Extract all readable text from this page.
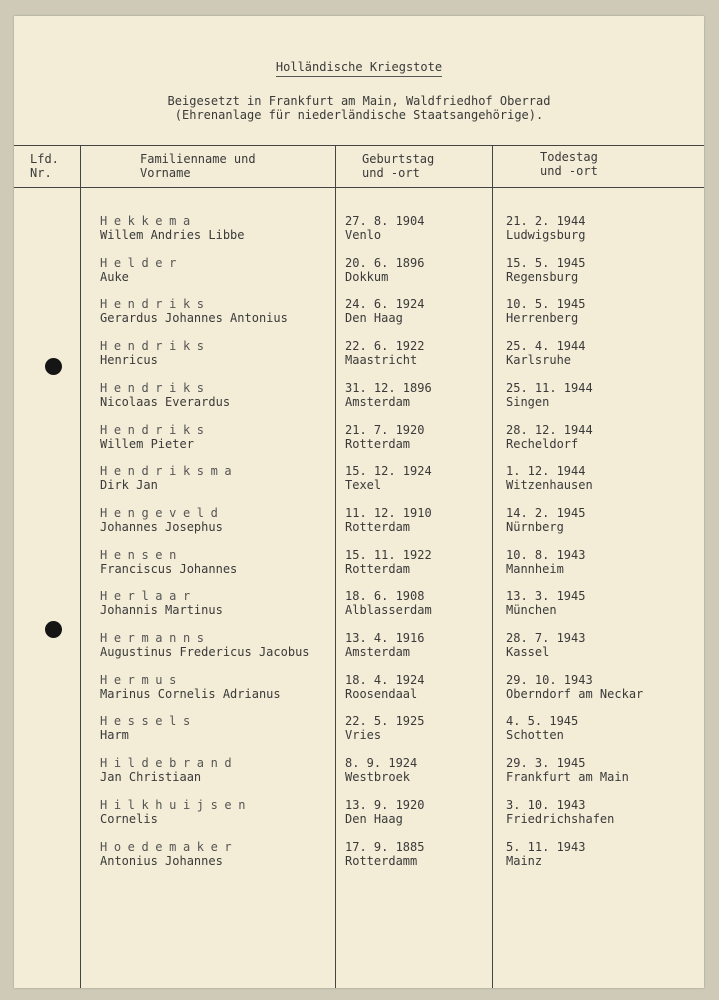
Holländische Kriegstote
Beigesetzt in Frankfurt am Main, Waldfriedhof Oberrad
(Ehrenanlage für niederländische Staatsangehörige).
Lfd.
Nr.
Familienname und
Vorname
Geburtstag
und -ort
Todestag
und -ort
Hekkema
Willem Andries Libbe
27. 8. 1904
Venlo
21. 2. 1944
Ludwigsburg
Helder
Auke
20. 6. 1896
Dokkum
15. 5. 1945
Regensburg
Hendriks
Gerardus Johannes Antonius
24. 6. 1924
Den Haag
10. 5. 1945
Herrenberg
Hendriks
Henricus
22. 6. 1922
Maastricht
25. 4. 1944
Karlsruhe
Hendriks
Nicolaas Everardus
31. 12. 1896
Amsterdam
25. 11. 1944
Singen
Hendriks
Willem Pieter
21. 7. 1920
Rotterdam
28. 12. 1944
Recheldorf
Hendriksma
Dirk Jan
15. 12. 1924
Texel
1. 12. 1944
Witzenhausen
Hengeveld
Johannes Josephus
11. 12. 1910
Rotterdam
14. 2. 1945
Nürnberg
Hensen
Franciscus Johannes
15. 11. 1922
Rotterdam
10. 8. 1943
Mannheim
Herlaar
Johannis Martinus
18. 6. 1908
Alblasserdam
13. 3. 1945
München
Hermanns
Augustinus Fredericus Jacobus
13. 4. 1916
Amsterdam
28. 7. 1943
Kassel
Hermus
Marinus Cornelis Adrianus
18. 4. 1924
Roosendaal
29. 10. 1943
Oberndorf am Neckar
Hessels
Harm
22. 5. 1925
Vries
4. 5. 1945
Schotten
Hildebrand
Jan Christiaan
8. 9. 1924
Westbroek
29. 3. 1945
Frankfurt am Main
Hilkhuijsen
Cornelis
13. 9. 1920
Den Haag
3. 10. 1943
Friedrichshafen
Hoedemaker
Antonius Johannes
17. 9. 1885
Rotterdamm
5. 11. 1943
Mainz
